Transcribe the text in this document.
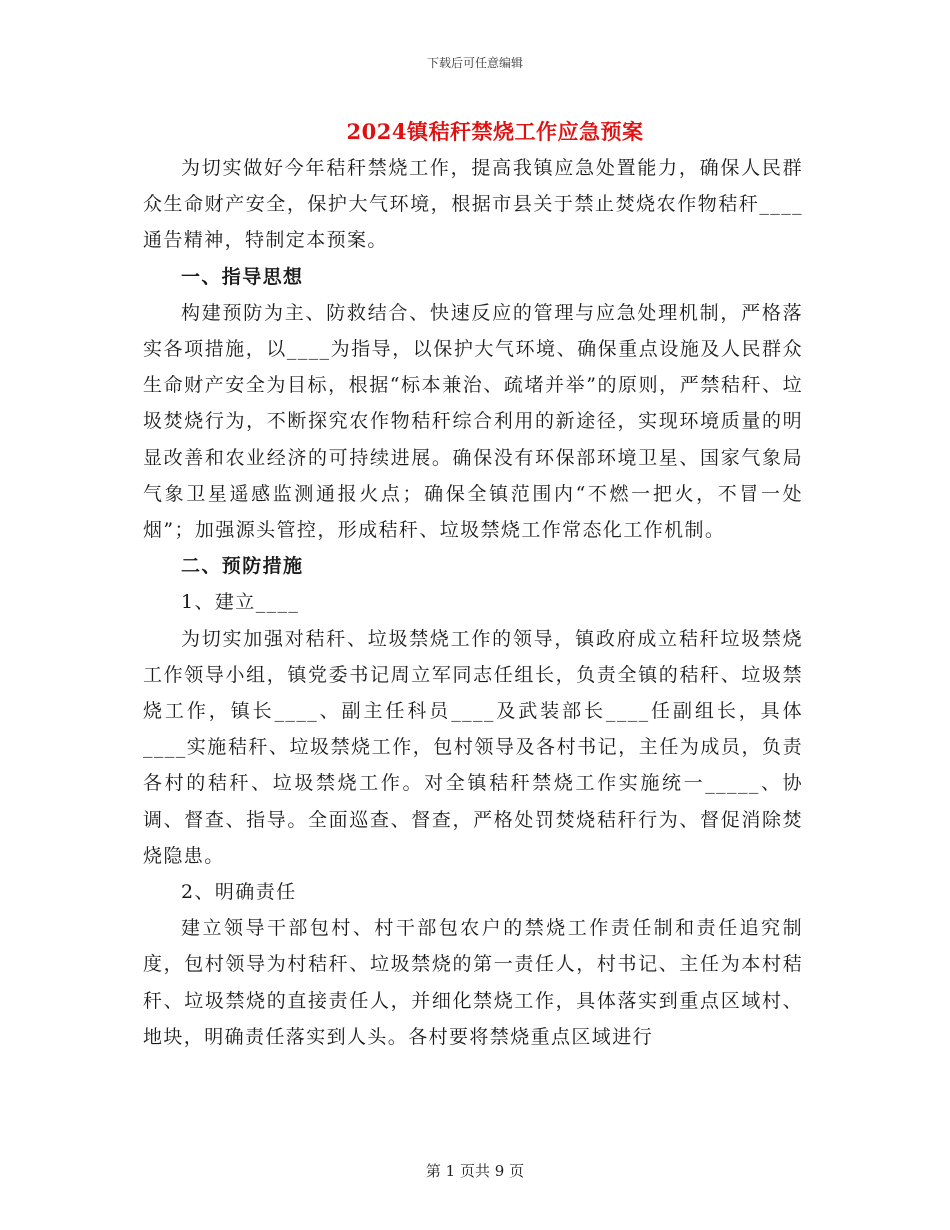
下载后可任意编辑
2024镇秸秆禁烧工作应急预案

为切实做好今年秸秆禁烧工作，提高我镇应急处置能力，确保人民群众生命财产安全，保护大气环境，根据市县关于禁止焚烧农作物秸秆____通告精神，特制定本预案。

一、指导思想

构建预防为主、防救结合、快速反应的管理与应急处理机制，严格落实各项措施，以____为指导，以保护大气环境、确保重点设施及人民群众生命财产安全为目标，根据“标本兼治、疏堵并举”的原则，严禁秸秆、垃圾焚烧行为，不断探究农作物秸秆综合利用的新途径，实现环境质量的明显改善和农业经济的可持续进展。确保没有环保部环境卫星、国家气象局气象卫星遥感监测通报火点；确保全镇范围内“不燃一把火，不冒一处烟”；加强源头管控，形成秸秆、垃圾禁烧工作常态化工作机制。

二、预防措施

1、建立____

为切实加强对秸秆、垃圾禁烧工作的领导，镇政府成立秸秆垃圾禁烧工作领导小组，镇党委书记周立军同志任组长，负责全镇的秸秆、垃圾禁烧工作，镇长____、副主任科员____及武装部长____任副组长，具体____实施秸秆、垃圾禁烧工作，包村领导及各村书记，主任为成员，负责各村的秸秆、垃圾禁烧工作。对全镇秸秆禁烧工作实施统一_____、协调、督查、指导。全面巡查、督查，严格处罚焚烧秸秆行为、督促消除焚烧隐患。

2、明确责任

建立领导干部包村、村干部包农户的禁烧工作责任制和责任追究制度，包村领导为村秸秆、垃圾禁烧的第一责任人，村书记、主任为本村秸秆、垃圾禁烧的直接责任人，并细化禁烧工作，具体落实到重点区域村、地块，明确责任落实到人头。各村要将禁烧重点区域进行

第 1 页共 9 页
